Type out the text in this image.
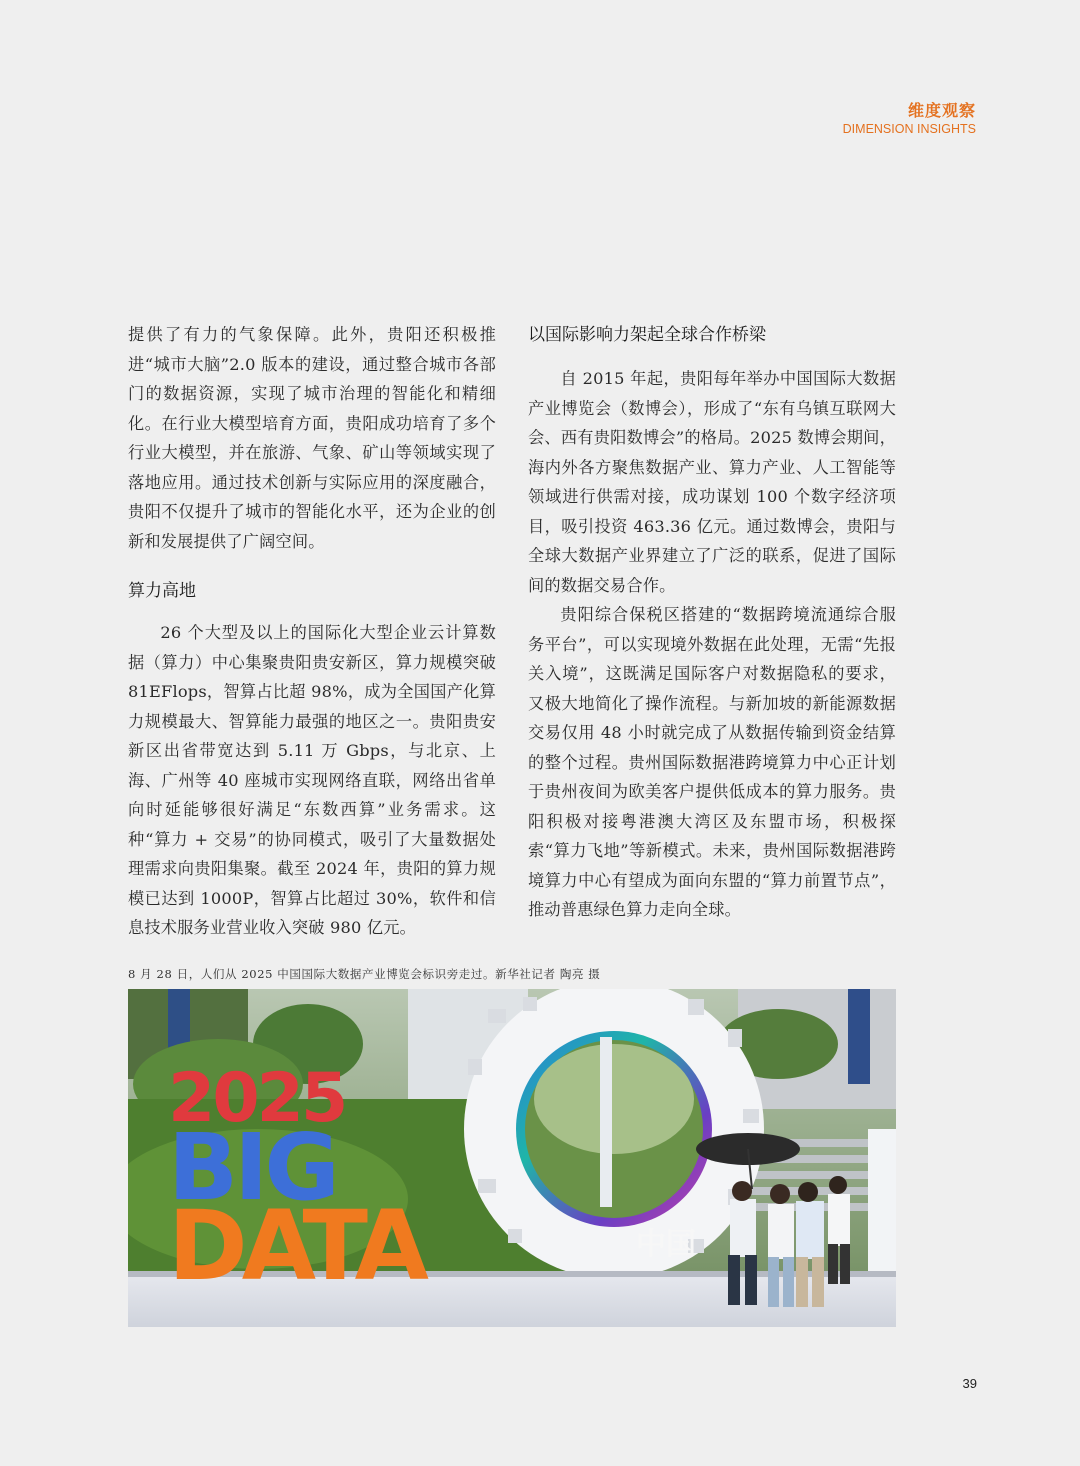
维度观察
DIMENSION INSIGHTS

提供了有力的气象保障。此外，贵阳还积极推进“城市大脑”2.0 版本的建设，通过整合城市各部门的数据资源，实现了城市治理的智能化和精细化。在行业大模型培育方面，贵阳成功培育了多个行业大模型，并在旅游、气象、矿山等领域实现了落地应用。通过技术创新与实际应用的深度融合，贵阳不仅提升了城市的智能化水平，还为企业的创新和发展提供了广阔空间。

算力高地

26 个大型及以上的国际化大型企业云计算数据（算力）中心集聚贵阳贵安新区，算力规模突破 81EFlops，智算占比超 98%，成为全国国产化算力规模最大、智算能力最强的地区之一。贵阳贵安新区出省带宽达到 5.11 万 Gbps，与北京、上海、广州等 40 座城市实现网络直联，网络出省单向时延能够很好满足“东数西算”业务需求。这种“算力 + 交易”的协同模式，吸引了大量数据处理需求向贵阳集聚。截至 2024 年，贵阳的算力规模已达到 1000P，智算占比超过 30%，软件和信息技术服务业营业收入突破 980 亿元。

以国际影响力架起全球合作桥梁

自 2015 年起，贵阳每年举办中国国际大数据产业博览会（数博会），形成了“东有乌镇互联网大会、西有贵阳数博会”的格局。2025 数博会期间，海内外各方聚焦数据产业、算力产业、人工智能等领域进行供需对接，成功谋划 100 个数字经济项目，吸引投资 463.36 亿元。通过数博会，贵阳与全球大数据产业界建立了广泛的联系，促进了国际间的数据交易合作。

贵阳综合保税区搭建的“数据跨境流通综合服务平台”，可以实现境外数据在此处理，无需“先报关入境”，这既满足国际客户对数据隐私的要求，又极大地简化了操作流程。与新加坡的新能源数据交易仅用 48 小时就完成了从数据传输到资金结算的整个过程。贵州国际数据港跨境算力中心正计划于贵州夜间为欧美客户提供低成本的算力服务。贵阳积极对接粤港澳大湾区及东盟市场，积极探索“算力飞地”等新模式。未来，贵州国际数据港跨境算力中心有望成为面向东盟的“算力前置节点”，推动普惠绿色算力走向全球。

8 月 28 日，人们从 2025 中国国际大数据产业博览会标识旁走过。新华社记者 陶亮 摄
2025
BIG
DATA	中国
39
